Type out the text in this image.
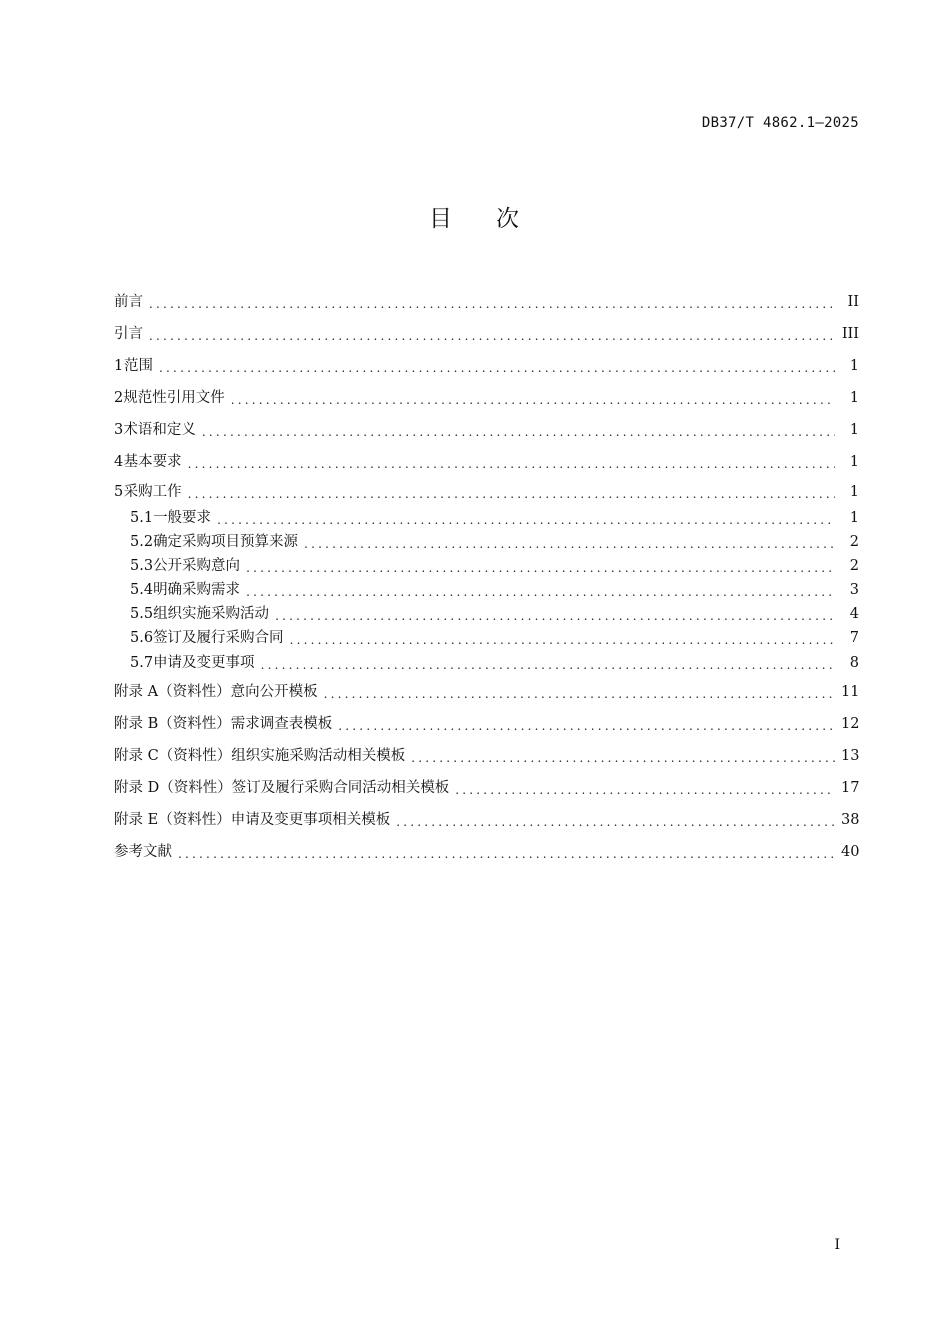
DB37/T 4862.1—2025
目 次
前言 .....	II
引言 .....	III
1 范围 .....	1
2 规范性引用文件 .....	1
3 术语和定义 .....	1
4 基本要求 .....	1
5 采购工作 .....	1
5.1 一般要求 .....	1
5.2 确定采购项目预算来源 .....	2
5.3 公开采购意向 .....	2
5.4 明确采购需求 .....	3
5.5 组织实施采购活动 .....	4
5.6 签订及履行采购合同 .....	7
5.7 申请及变更事项 .....	8
附录 A（资料性） 意向公开模板 .....	11
附录 B（资料性） 需求调查表模板 .....	12
附录 C（资料性） 组织实施采购活动相关模板 .....	13
附录 D（资料性） 签订及履行采购合同活动相关模板 .....	17
附录 E（资料性） 申请及变更事项相关模板 .....	38
参考文献 .....	40
I
